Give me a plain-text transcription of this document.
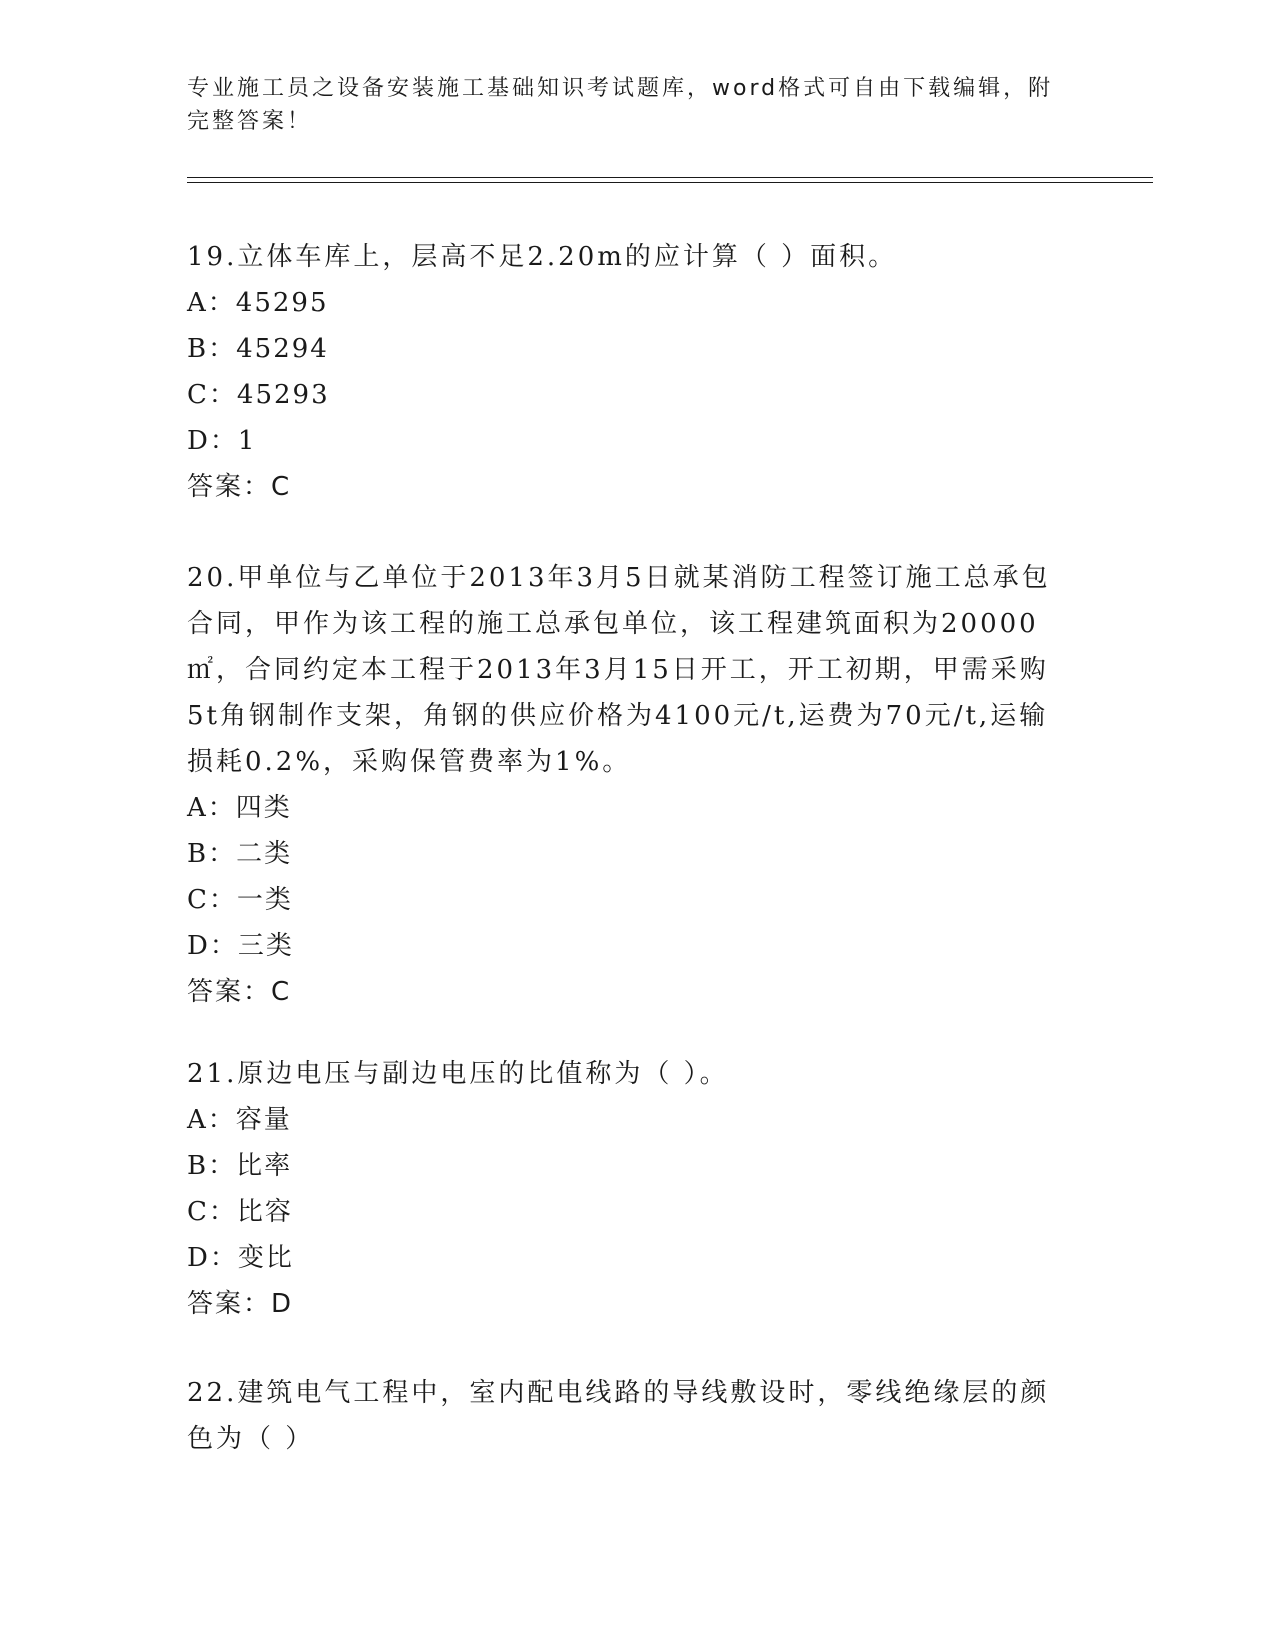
专业施工员之设备安装施工基础知识考试题库，word格式可自由下载编辑，附完整答案！

19.立体车库上，层高不足2.20m的应计算（ ）面积。

A：45295

B：45294

C：45293

D：1

答案：C

20.甲单位与乙单位于2013年3月5日就某消防工程签订施工总承包合同，甲作为该工程的施工总承包单位，该工程建筑面积为20000㎡，合同约定本工程于2013年3月15日开工，开工初期，甲需采购5t角钢制作支架，角钢的供应价格为4100元/t,运费为70元/t,运输损耗0.2%，采购保管费率为1%。

A：四类

B：二类

C：一类

D：三类

答案：C

21.原边电压与副边电压的比值称为（ ）。

A：容量

B：比率

C：比容

D：变比

答案：D

22.建筑电气工程中，室内配电线路的导线敷设时，零线绝缘层的颜色为（ ）
